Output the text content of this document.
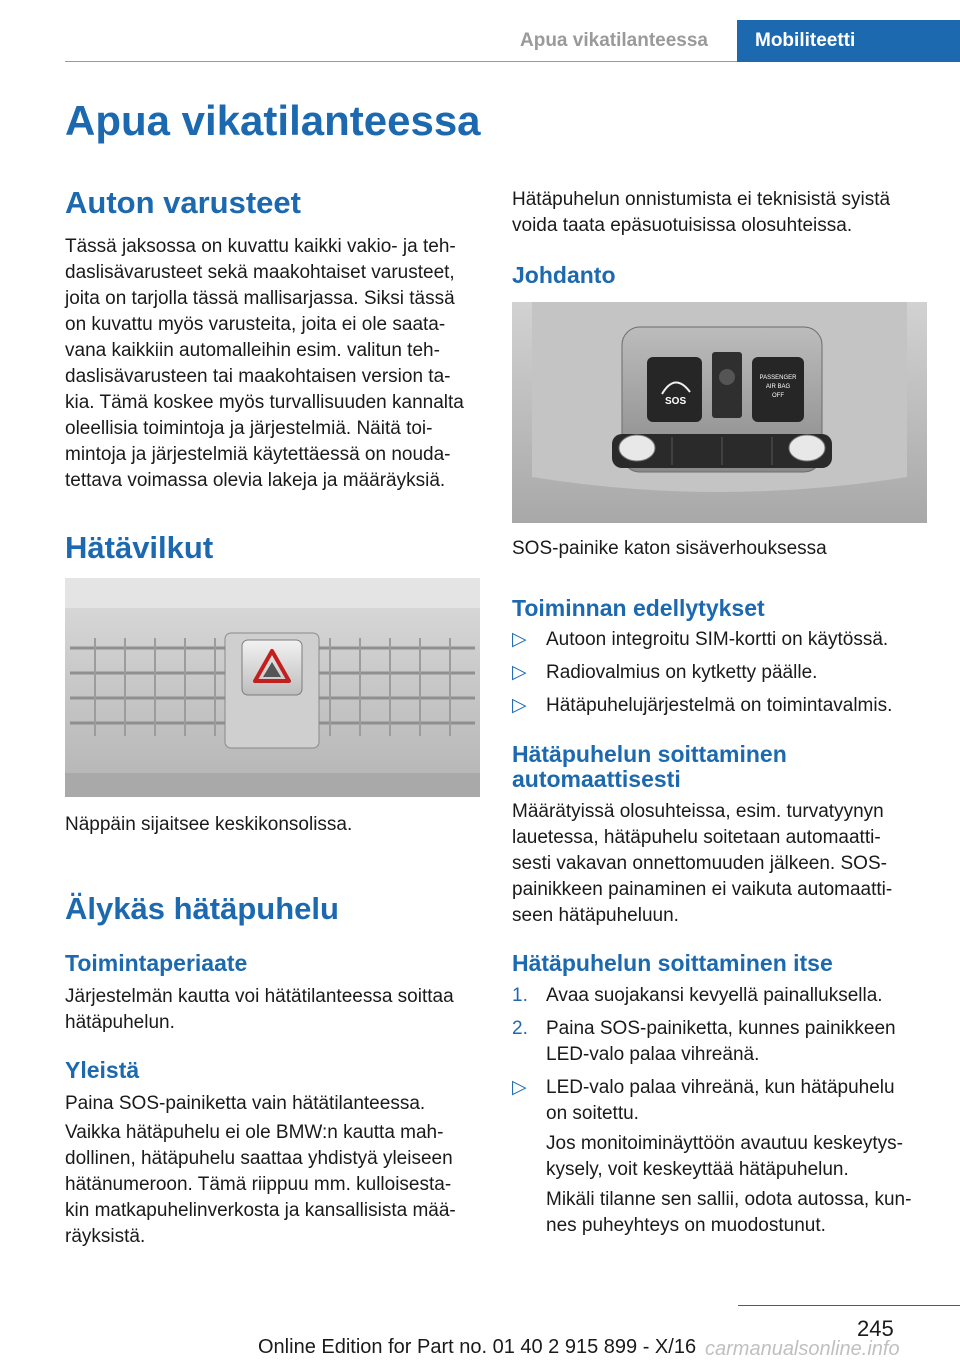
Apua vikatilanteessa Mobiliteetti
Apua vikatilanteessa
Auton varusteet

Tässä jaksossa on kuvattu kaikki vakio- ja teh-
daslisävarusteet sekä maakohtaiset varusteet,
joita on tarjolla tässä mallisarjassa. Siksi tässä
on kuvattu myös varusteita, joita ei ole saata-
vana kaikkiin automalleihin esim. valitun teh-
daslisävarusteen tai maakohtaisen version ta-
kia. Tämä koskee myös turvallisuuden kannalta
oleellisia toimintoja ja järjestelmiä. Näitä toi-
mintoja ja järjestelmiä käytettäessä on nouda-
tettava voimassa olevia lakeja ja määräyksiä.

Hätävilkut

Näppäin sijaitsee keskikonsolissa.

Älykäs hätäpuhelu
Toimintaperiaate

Järjestelmän kautta voi hätätilanteessa soittaa
hätäpuhelun.

Yleistä

Paina SOS-painiketta vain hätätilanteessa.

Vaikka hätäpuhelu ei ole BMW:n kautta mah-
dollinen, hätäpuhelu saattaa yhdistyä yleiseen
hätänumeroon. Tämä riippuu mm. kulloisesta-
kin matkapuhelinverkosta ja kansallisista mää-
räyksistä.

Hätäpuhelun onnistumista ei teknisistä syistä
voida taata epäsuotuisissa olosuhteissa.

Johdanto
SOS
PASSENGER
AIR BAG
OFF

SOS-painike katon sisäverhouksessa

Toiminnan edellytykset
▷ Autoon integroitu SIM-kortti on käytössä.
▷ Radiovalmius on kytketty päälle.
▷ Hätäpuhelujärjestelmä on toimintavalmis.
Hätäpuhelun soittaminen
automaattisesti

Määrätyissä olosuhteissa, esim. turvatyynyn
lauetessa, hätäpuhelu soitetaan automaatti-
sesti vakavan onnettomuuden jälkeen. SOS-
painikkeen painaminen ei vaikuta automaatti-
seen hätäpuheluun.

Hätäpuhelun soittaminen itse
1. Avaa suojakansi kevyellä painalluksella.
2. Paina SOS-painiketta, kunnes painikkeen
LED-valo palaa vihreänä.
▷ LED-valo palaa vihreänä, kun hätäpuhelu
on soitettu.

Jos monitoiminäyttöön avautuu keskeytys-
kysely, voit keskeyttää hätäpuhelun.

Mikäli tilanne sen sallii, odota autossa, kun-
nes puheyhteys on muodostunut.

245
Online Edition for Part no. 01 40 2 915 899 - X/16 carmanualsonline.info
